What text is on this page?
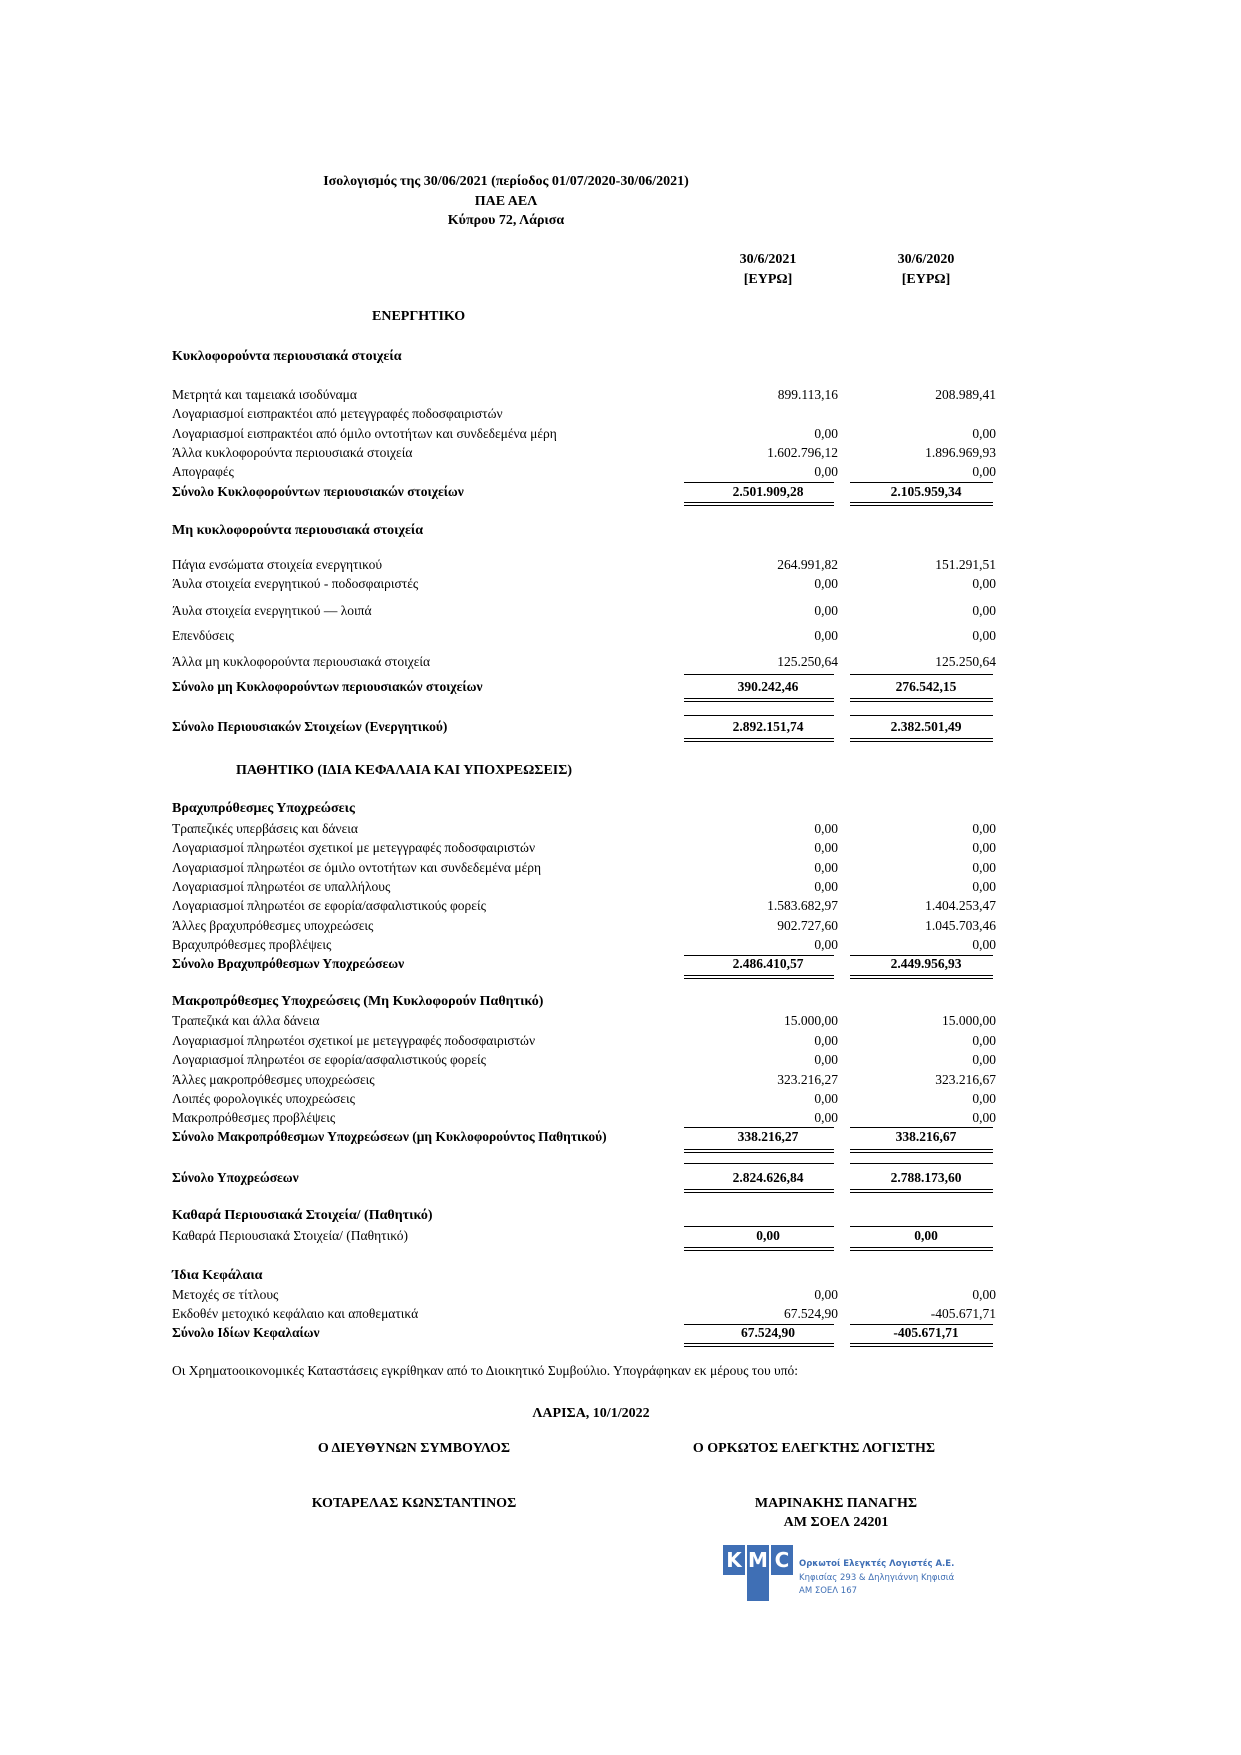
Ισολογισμός της 30/06/2021 (περίοδος 01/07/2020-30/06/2021)
ΠΑΕ ΑΕΛ
Κύπρου 72, Λάρισα
30/6/2021
[ΕΥΡΩ]
30/6/2020
[ΕΥΡΩ]
ΕΝΕΡΓΗΤΙΚΟ
Κυκλοφορούντα περιουσιακά στοιχεία
Μετρητά και ταμειακά ισοδύναμα	899.113,16	208.989,41
Λογαριασμοί εισπρακτέοι από μετεγγραφές ποδοσφαιριστών
Λογαριασμοί εισπρακτέοι από όμιλο οντοτήτων και συνδεδεμένα μέρη	0,00	0,00
Άλλα κυκλοφορούντα περιουσιακά στοιχεία	1.602.796,12	1.896.969,93
Απογραφές	0,00	0,00
Σύνολο Κυκλοφορούντων περιουσιακών στοιχείων	2.501.909,28	2.105.959,34
Μη κυκλοφορούντα περιουσιακά στοιχεία
Πάγια ενσώματα στοιχεία ενεργητικού	264.991,82	151.291,51
Άυλα στοιχεία ενεργητικού - ποδοσφαιριστές	0,00	0,00
Άυλα στοιχεία ενεργητικού — λοιπά	0,00	0,00
Επενδύσεις	0,00	0,00
Άλλα μη κυκλοφορούντα περιουσιακά στοιχεία	125.250,64	125.250,64
Σύνολο μη Κυκλοφορούντων περιουσιακών στοιχείων	390.242,46	276.542,15
Σύνολο Περιουσιακών Στοιχείων (Ενεργητικού)	2.892.151,74	2.382.501,49
Βραχυπρόθεσμες Υποχρεώσεις
Τραπεζικές υπερβάσεις και δάνεια	0,00	0,00
Λογαριασμοί πληρωτέοι σχετικοί με μετεγγραφές ποδοσφαιριστών	0,00	0,00
Λογαριασμοί πληρωτέοι σε όμιλο οντοτήτων και συνδεδεμένα μέρη	0,00	0,00
Λογαριασμοί πληρωτέοι σε υπαλλήλους	0,00	0,00
Λογαριασμοί πληρωτέοι σε εφορία/ασφαλιστικούς φορείς	1.583.682,97	1.404.253,47
Άλλες βραχυπρόθεσμες υποχρεώσεις	902.727,60	1.045.703,46
Βραχυπρόθεσμες προβλέψεις	0,00	0,00
Σύνολο Βραχυπρόθεσμων Υποχρεώσεων	2.486.410,57	2.449.956,93
Μακροπρόθεσμες Υποχρεώσεις (Μη Κυκλοφορούν Παθητικό)
Τραπεζικά και άλλα δάνεια	15.000,00	15.000,00
Λογαριασμοί πληρωτέοι σχετικοί με μετεγγραφές ποδοσφαιριστών	0,00	0,00
Λογαριασμοί πληρωτέοι σε εφορία/ασφαλιστικούς φορείς	0,00	0,00
Άλλες μακροπρόθεσμες υποχρεώσεις	323.216,27	323.216,67
Λοιπές φορολογικές υποχρεώσεις	0,00	0,00
Μακροπρόθεσμες προβλέψεις	0,00	0,00
Σύνολο Μακροπρόθεσμων Υποχρεώσεων (μη Κυκλοφορούντος Παθητικού)	338.216,27	338.216,67
Σύνολο Υποχρεώσεων	2.824.626,84	2.788.173,60
Καθαρά Περιουσιακά Στοιχεία/ (Παθητικό)
Καθαρά Περιουσιακά Στοιχεία/ (Παθητικό)	0,00	0,00
Ίδια Κεφάλαια
Μετοχές σε τίτλους	0,00	0,00
Εκδοθέν μετοχικό κεφάλαιο και αποθεματικά	67.524,90	-405.671,71
Σύνολο Ιδίων Κεφαλαίων	67.524,90	-405.671,71
ΠΑΘΗΤΙΚΟ (ΙΔΙΑ ΚΕΦΑΛΑΙΑ ΚΑΙ ΥΠΟΧΡΕΩΣΕΙΣ)
Οι Χρηματοοικονομικές Καταστάσεις εγκρίθηκαν από το Διοικητικό Συμβούλιο. Υπογράφηκαν εκ μέρους του υπό:
ΛΑΡΙΣΑ, 10/1/2022
Ο ΔΙΕΥΘΥΝΩΝ ΣΥΜΒΟΥΛΟΣ	Ο ΟΡΚΩΤΟΣ ΕΛΕΓΚΤΗΣ ΛΟΓΙΣΤΗΣ
ΚΟΤΑΡΕΛΑΣ ΚΩΝΣΤΑΝΤΙΝΟΣ	ΜΑΡΙΝΑΚΗΣ ΠΑΝΑΓΗΣ
ΑΜ ΣΟΕΛ 24201
Κ Μ C	Ορκωτοί Ελεγκτές Λογιστές Α.Ε.
Κηφισίας 293 & Δηληγιάννη Κηφισιά
ΑΜ ΣΟΕΛ 167
